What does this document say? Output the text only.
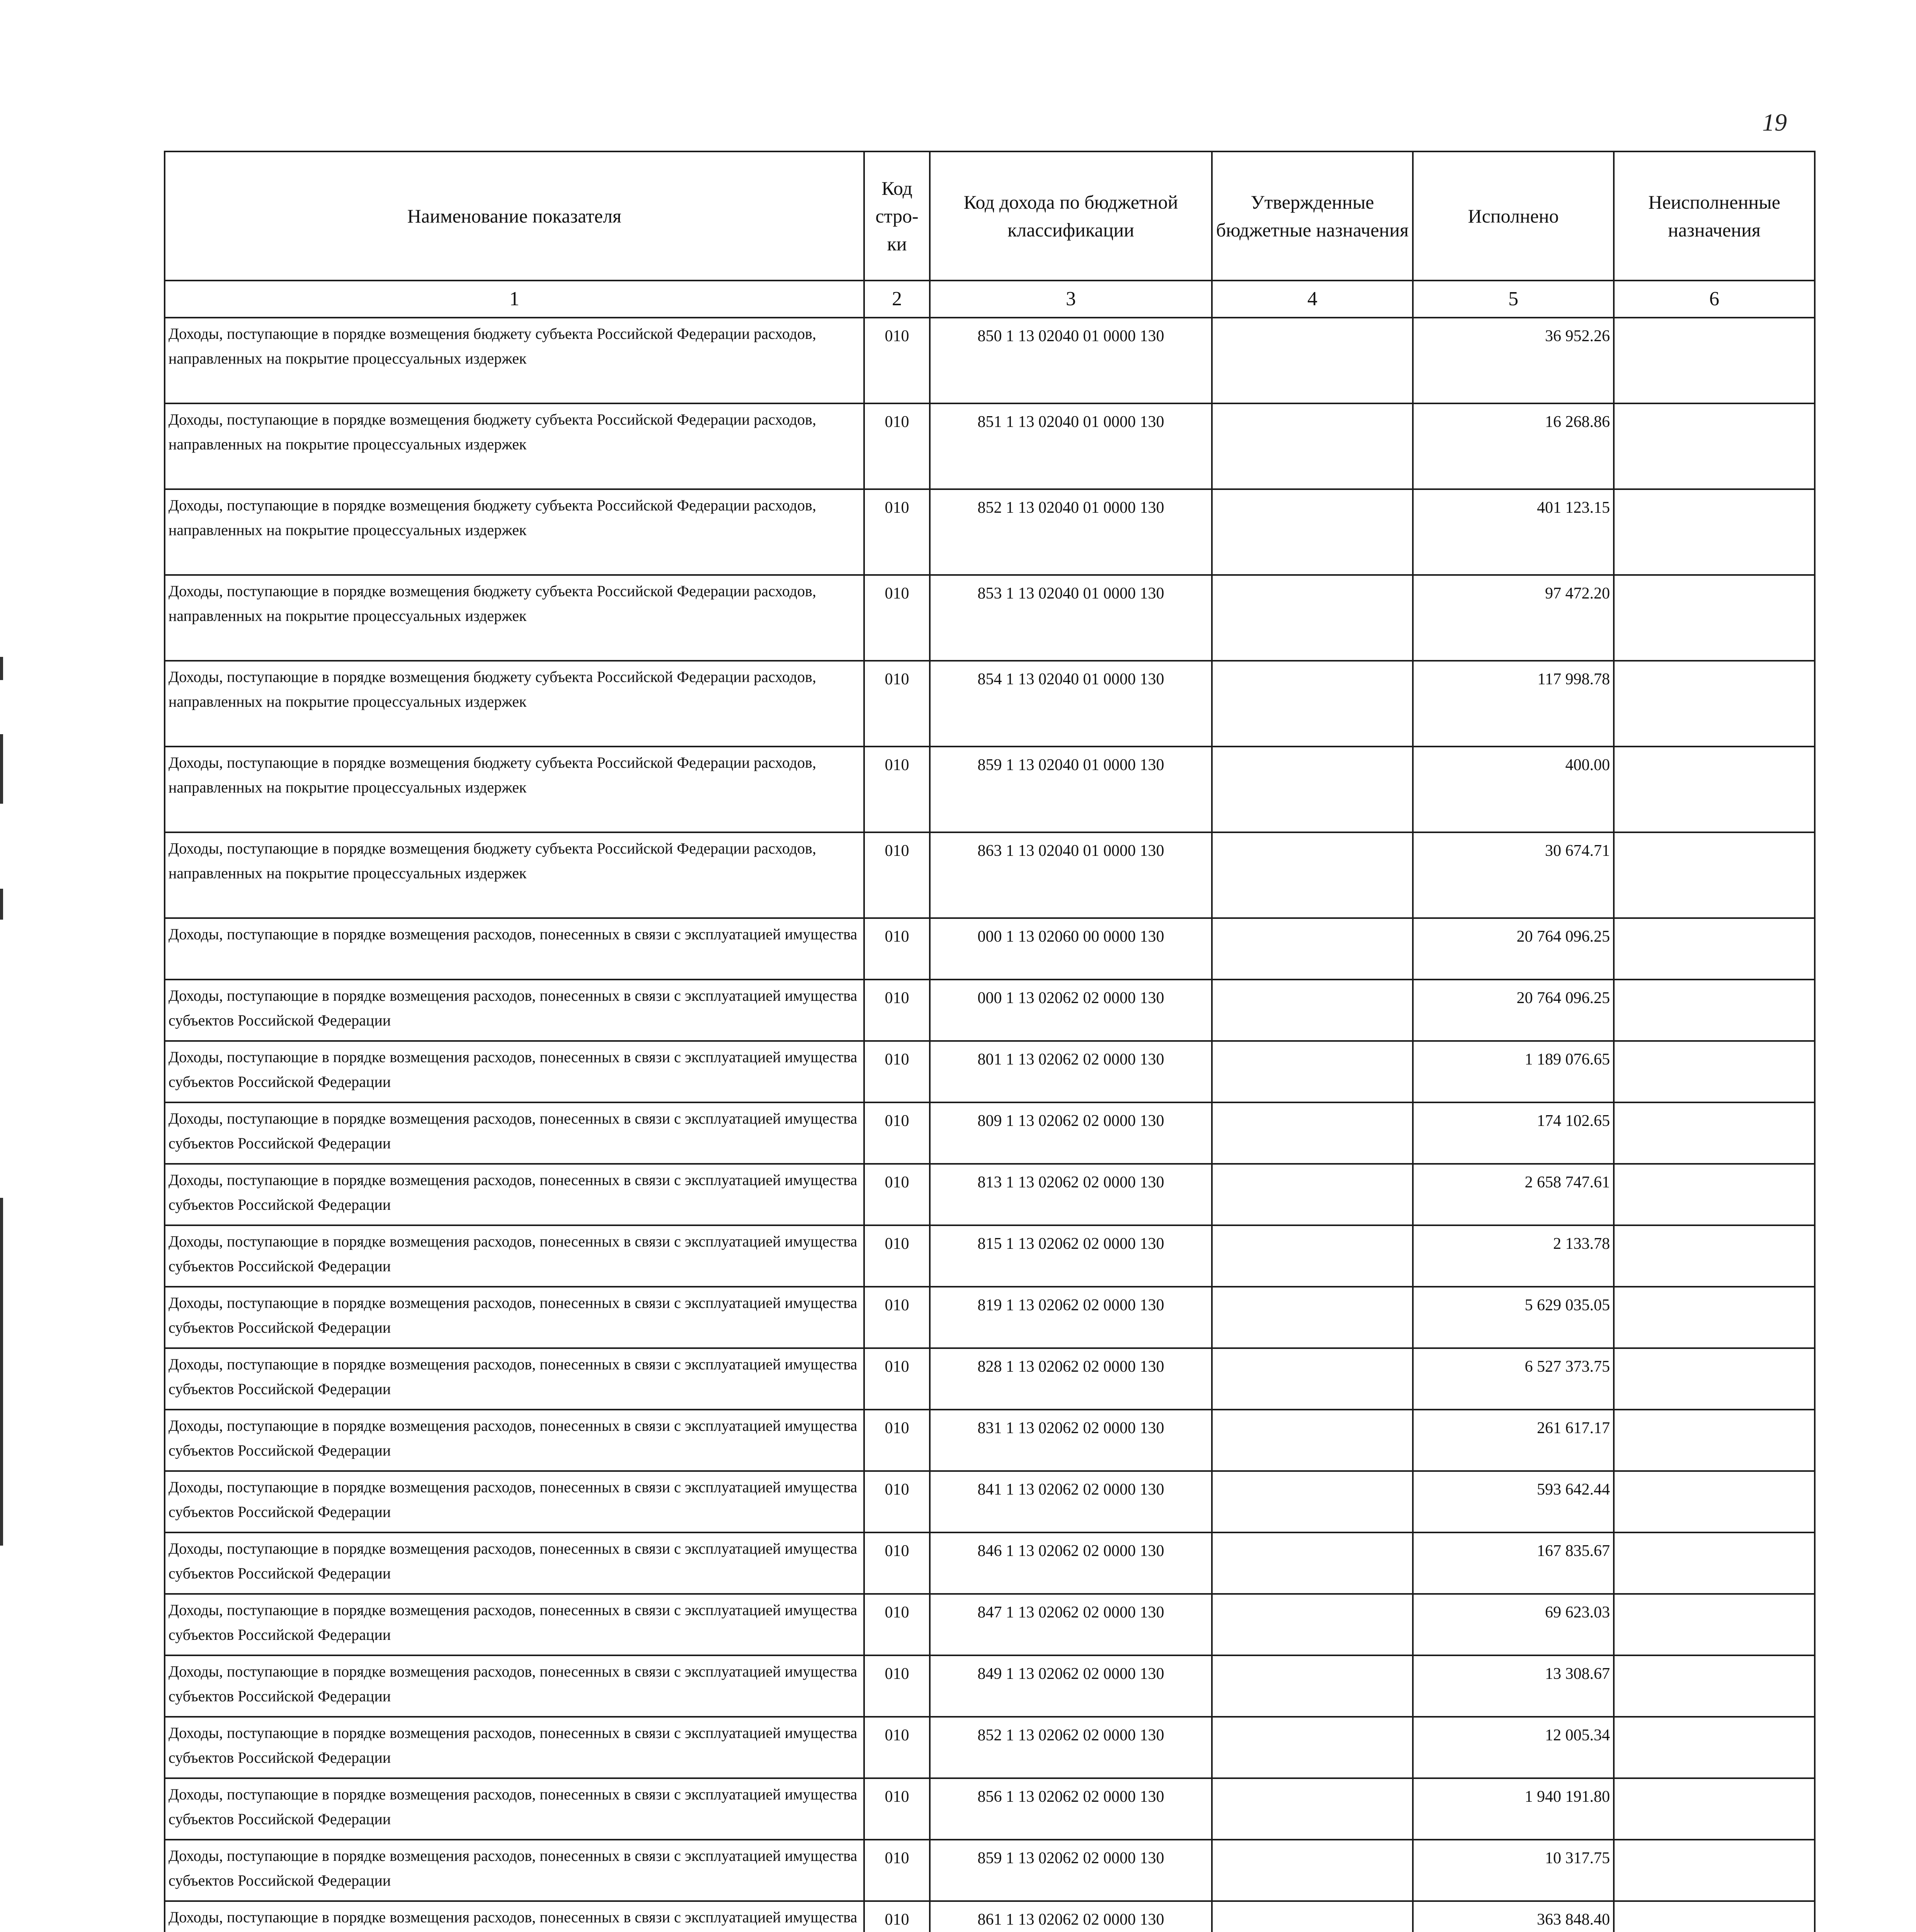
19
Наименование показателя	Код стро- ки	Код дохода по бюджетной классификации	Утвержденные бюджетные назначения	Исполнено	Неисполненные назначения
1	2	3	4	5	6
Доходы, поступающие в порядке возмещения бюджету субъекта Российской Федерации расходов, направленных на покрытие процессуальных издержек	010	850 1 13 02040 01 0000 130		36 952.26	
Доходы, поступающие в порядке возмещения бюджету субъекта Российской Федерации расходов, направленных на покрытие процессуальных издержек	010	851 1 13 02040 01 0000 130		16 268.86	
Доходы, поступающие в порядке возмещения бюджету субъекта Российской Федерации расходов, направленных на покрытие процессуальных издержек	010	852 1 13 02040 01 0000 130		401 123.15	
Доходы, поступающие в порядке возмещения бюджету субъекта Российской Федерации расходов, направленных на покрытие процессуальных издержек	010	853 1 13 02040 01 0000 130		97 472.20	
Доходы, поступающие в порядке возмещения бюджету субъекта Российской Федерации расходов, направленных на покрытие процессуальных издержек	010	854 1 13 02040 01 0000 130		117 998.78	
Доходы, поступающие в порядке возмещения бюджету субъекта Российской Федерации расходов, направленных на покрытие процессуальных издержек	010	859 1 13 02040 01 0000 130		400.00	
Доходы, поступающие в порядке возмещения бюджету субъекта Российской Федерации расходов, направленных на покрытие процессуальных издержек	010	863 1 13 02040 01 0000 130		30 674.71	
Доходы, поступающие в порядке возмещения расходов, понесенных в связи с эксплуатацией имущества	010	000 1 13 02060 00 0000 130		20 764 096.25	
Доходы, поступающие в порядке возмещения расходов, понесенных в связи с эксплуатацией имущества субъектов Российской Федерации	010	000 1 13 02062 02 0000 130		20 764 096.25	
Доходы, поступающие в порядке возмещения расходов, понесенных в связи с эксплуатацией имущества субъектов Российской Федерации	010	801 1 13 02062 02 0000 130		1 189 076.65	
Доходы, поступающие в порядке возмещения расходов, понесенных в связи с эксплуатацией имущества субъектов Российской Федерации	010	809 1 13 02062 02 0000 130		174 102.65	
Доходы, поступающие в порядке возмещения расходов, понесенных в связи с эксплуатацией имущества субъектов Российской Федерации	010	813 1 13 02062 02 0000 130		2 658 747.61	
Доходы, поступающие в порядке возмещения расходов, понесенных в связи с эксплуатацией имущества субъектов Российской Федерации	010	815 1 13 02062 02 0000 130		2 133.78	
Доходы, поступающие в порядке возмещения расходов, понесенных в связи с эксплуатацией имущества субъектов Российской Федерации	010	819 1 13 02062 02 0000 130		5 629 035.05	
Доходы, поступающие в порядке возмещения расходов, понесенных в связи с эксплуатацией имущества субъектов Российской Федерации	010	828 1 13 02062 02 0000 130		6 527 373.75	
Доходы, поступающие в порядке возмещения расходов, понесенных в связи с эксплуатацией имущества субъектов Российской Федерации	010	831 1 13 02062 02 0000 130		261 617.17	
Доходы, поступающие в порядке возмещения расходов, понесенных в связи с эксплуатацией имущества субъектов Российской Федерации	010	841 1 13 02062 02 0000 130		593 642.44	
Доходы, поступающие в порядке возмещения расходов, понесенных в связи с эксплуатацией имущества субъектов Российской Федерации	010	846 1 13 02062 02 0000 130		167 835.67	
Доходы, поступающие в порядке возмещения расходов, понесенных в связи с эксплуатацией имущества субъектов Российской Федерации	010	847 1 13 02062 02 0000 130		69 623.03	
Доходы, поступающие в порядке возмещения расходов, понесенных в связи с эксплуатацией имущества субъектов Российской Федерации	010	849 1 13 02062 02 0000 130		13 308.67	
Доходы, поступающие в порядке возмещения расходов, понесенных в связи с эксплуатацией имущества субъектов Российской Федерации	010	852 1 13 02062 02 0000 130		12 005.34	
Доходы, поступающие в порядке возмещения расходов, понесенных в связи с эксплуатацией имущества субъектов Российской Федерации	010	856 1 13 02062 02 0000 130		1 940 191.80	
Доходы, поступающие в порядке возмещения расходов, понесенных в связи с эксплуатацией имущества субъектов Российской Федерации	010	859 1 13 02062 02 0000 130		10 317.75	
Доходы, поступающие в порядке возмещения расходов, понесенных в связи с эксплуатацией имущества	010	861 1 13 02062 02 0000 130		363 848.40	
